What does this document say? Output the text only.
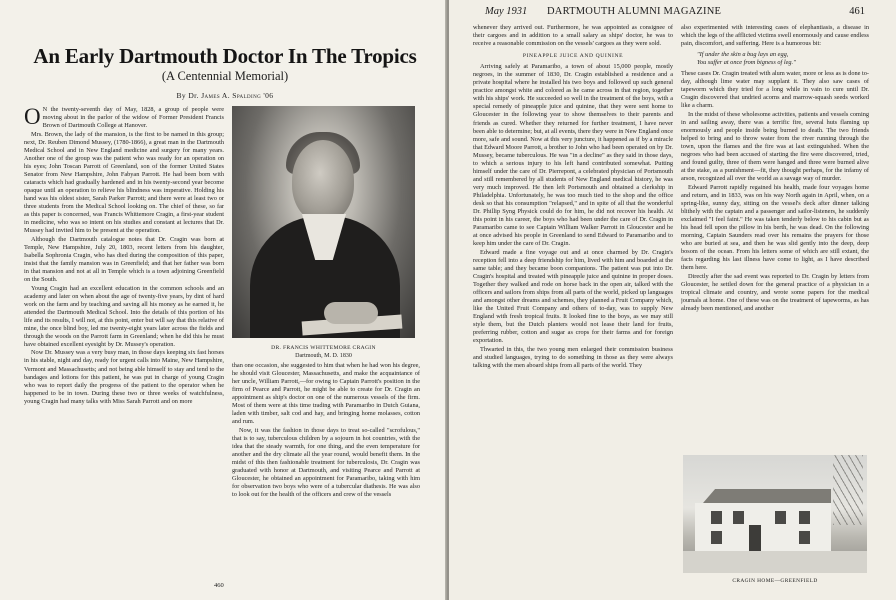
An Early Dartmouth Doctor In The Tropics
(A Centennial Memorial)
By Dr. James A. Spalding '06

O N the twenty-seventh day of May, 1828, a group of people were moving about in the parlor of the widow of Former President Francis Brown of Dartmouth College at Hanover.

Mrs. Brown, the lady of the mansion, is the first to be named in this group; next, Dr. Reuben Dimond Mussey, (1780-1866), a great man in the Dartmouth Medical School and in New England medicine and surgery for many years. Another one of the group was the patient who was ready for an operation on his eyes; John Toscan Parrott of Greenland, son of the former United States Senator from New Hampshire, John Fabyan Parrott. He had been born with cataracts which had gradually hardened and in his twenty-second year become opaque until an operation to relieve his blindness was imperative. Holding his hand was his oldest sister, Sarah Parker Parrott; and there were at least two or three students from the Medical School looking on. The chief of these, so far as this paper is concerned, was Francis Whittemore Cragin, a first-year student in medicine, who was so intent on his studies and constant at lectures that Dr. Mussey had invited him to be present at the operation.

Although the Dartmouth catalogue notes that Dr. Cragin was born at Temple, New Hampshire, July 20, 1803, recent letters from his daughter, Isabella Sophronia Cragin, who has died during the composition of this paper, insist that the family mansion was in Greenfield; and that her father was born in that mansion and not at all in Temple which is a town adjoining Greenfield on the South.

Young Cragin had an excellent education in the common schools and an academy and later on when about the age of twenty-five years, by dint of hard work on the farm and by teaching and saving all his money as he earned it, he attended the Dartmouth Medical School. Into the details of this portion of his life and its results, I will not, at this point, enter but will say that this relative of mine, the once blind boy, led me twenty-eight years later across the fields and through the woods on the Parrott farm in Greenland; when he did this he must have obtained excellent eyesight by Dr. Mussey's operation.

Now Dr. Mussey was a very busy man, in those days keeping six fast horses in his stable, night and day, ready for urgent calls into Maine, New Hampshire, Vermont and Massachusetts; and not being able himself to stay and tend to the bandages and lotions for this patient, he was put in charge of young Cragin who was to report daily the progress of the patient to the operator when he happened to be in town. During these two or three weeks of watchfulness, young Cragin had many talks with Miss Sarah Parrott and on more

DR. FRANCIS WHITTEMORE CRAGIN
Dartmouth, M. D. 1830

than one occasion, she suggested to him that when he had won his degree, he should visit Gloucester, Massachusetts, and make the acquaintance of her uncle, William Parrott,—for owing to Captain Parrott's position in the firm of Pearce and Parrott, he might be able to create for Dr. Cragin an appointment as ship's doctor on one of the numerous vessels of the firm. Most of them were at this time trading with Paramaribo in Dutch Guiana, laden with timber, salt cod and hay, and bringing home molasses, cotton and rum.

Now, it was the fashion in those days to treat so-called "scrofulous," that is to say, tuberculous children by a sojourn in hot countries, with the idea that the steady warmth, for one thing, and the even temperature for another and the dry climate all the year round, would benefit them. In the midst of this then fashionable treatment for tuberculosis, Dr. Cragin was graduated with honor at Dartmouth, and visiting Pearce and Parrott at Gloucester, he obtained an appointment for Paramaribo, taking with him for observation two boys who were of a tubercular diathesis. He was also to look out for the health of the officers and crew of the vessels

460
May 1931 DARTMOUTH ALUMNI MAGAZINE	461

whenever they arrived out. Furthermore, he was appointed as consignee of their cargoes and in addition to a small salary as ships' doctor, he was to receive a reasonable commission on the vessels' cargoes as they were sold.

PINEAPPLE JUICE AND QUININE

Arriving safely at Paramaribo, a town of about 15,000 people, mostly negroes, in the summer of 1830, Dr. Cragin established a residence and a private hospital where he installed his two boys and followed up such general practice amongst white and colored as he came across in that region, together with his ships' work. He succeeded so well in the treatment of the boys, with a special remedy of pineapple juice and quinine, that they were sent home to Gloucester in the following year to show themselves to their parents and friends as cured. Whether they returned for further treatment, I have never been able to determine; but, at all events, there they were in New England once more, safe and sound. Now at this very juncture, it happened as if by a miracle that Edward Moore Parrott, a brother to John who had been operated on by Dr. Mussey, became tuberculous. He was "in a decline" as they said in those days, to which a serious injury to his left hand contributed somewhat. Putting himself under the care of Dr. Pierrepont, a celebrated physician of Portsmouth and still remembered by all students of New England medical history, he was very much improved. He then left Portsmouth and obtained a clerkship in Philadelphia. Unfortunately, he was too much tied to the shop and the office desk so that his consumption "relapsed," and in spite of all that the wonderful Dr. Phillip Syng Physick could do for him, he did not recover his health. At this point in his career, the boys who had been under the care of Dr. Cragin in Paramaribo came to see Captain William Walker Parrott in Gloucester and he at once advised his people in Greenland to send Edward to Paramaribo and to keep him under the care of Dr. Cragin.

Edward made a fine voyage out and at once charmed by Dr. Cragin's reception fell into a deep friendship for him, lived with him and boarded at the same table; and they became boon companions. The patient was put into Dr. Cragin's hospital and treated with pineapple juice and quinine in proper doses. Together they walked and rode on horse back in the open air, talked with the officers and sailors from ships from all parts of the world, picked up languages and amongst other dreams and schemes, they planned a Fruit Company which, like the United Fruit Company and others of to-day, was to supply New England with fresh tropical fruits. It looked fine to the boys, as we may still style them, but the Dutch planters would not lease their land for fruits, preferring rubber, cotton and sugar as crops for their farms and for foreign exportation.

Thwarted in this, the two young men enlarged their commission business and studied languages, trying to do something in those as they were always talking with the men aboard ships from all parts of the world. They

also experimented with interesting cases of elephantiasis, a disease in which the legs of the afflicted victims swell enormously and cause endless pain, discomfort, and suffering. Here is a humorous bit:

"If under the skin a bug lays an egg,
You suffer at once from bigness of leg."

These cases Dr. Cragin treated with alum water, more or less as is done to-day, although lime water may supplant it. They also saw cases of tapeworm which they tried for a long while in vain to cure until Dr. Cragin discovered that undried acorns and marrow-squash seeds worked like a charm.

In the midst of these wholesome activities, patients and vessels coming in and sailing away, there was a terrific fire, several huts flaming up enormously and people inside being burned to death. The two friends helped to bring and to throw water from the river running through the town, upon the flames and the fire was at last extinguished. When the negroes who had been accused of starting the fire were discovered, tried, and found guilty, three of them were hanged and three were burned alive at the stake, as a punishment—fit, they thought perhaps, for the infamy of arson, recognized all over the world as a savage way of murder.

Edward Parrott rapidly regained his health, made four voyages home and return, and in 1833, was on his way North again in April, when, on a spring-like, sunny day, sitting on the vessel's deck after dinner talking blithely with the captain and a passenger and sailor-listeners, he suddenly exclaimed "I feel faint." He was taken tenderly below to his cabin but as his head fell upon the pillow in his berth, he was dead. On the following morning, Captain Saunders read over his remains the prayers for those who are buried at sea, and then he was slid gently into the deep, deep bosom of the ocean. From his letters some of which are still extant, the facts regarding his last illness have come to light, as I have described them here.

Directly after the sad event was reported to Dr. Cragin by letters from Gloucester, he settled down for the general practice of a physician in a tropical climate and country, and wrote some papers for the medical journals at home. One of these was on the treatment of tapeworms, as has already been mentioned, and another

CRAGIN HOME—GREENFIELD
